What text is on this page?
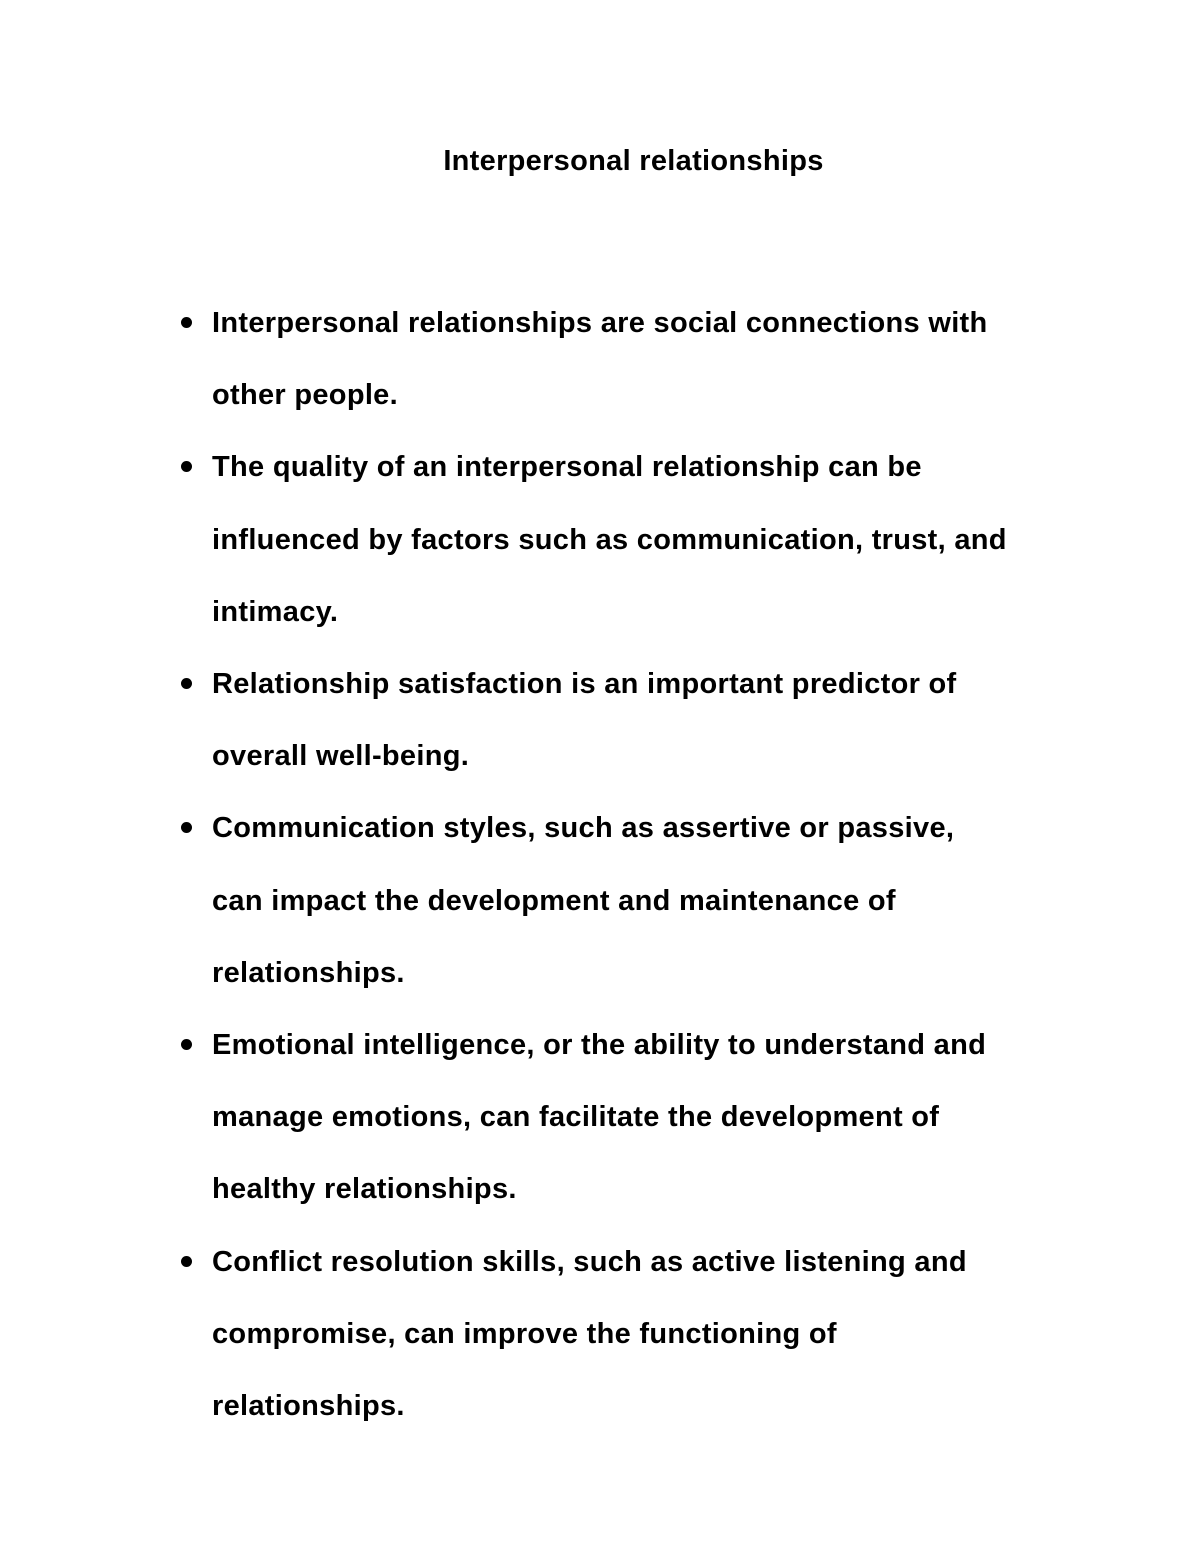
Interpersonal relationships
Interpersonal relationships are social connections with
other people.
The quality of an interpersonal relationship can be
influenced by factors such as communication, trust, and
intimacy.
Relationship satisfaction is an important predictor of
overall well-being.
Communication styles, such as assertive or passive,
can impact the development and maintenance of
relationships.
Emotional intelligence, or the ability to understand and
manage emotions, can facilitate the development of
healthy relationships.
Conflict resolution skills, such as active listening and
compromise, can improve the functioning of
relationships.
